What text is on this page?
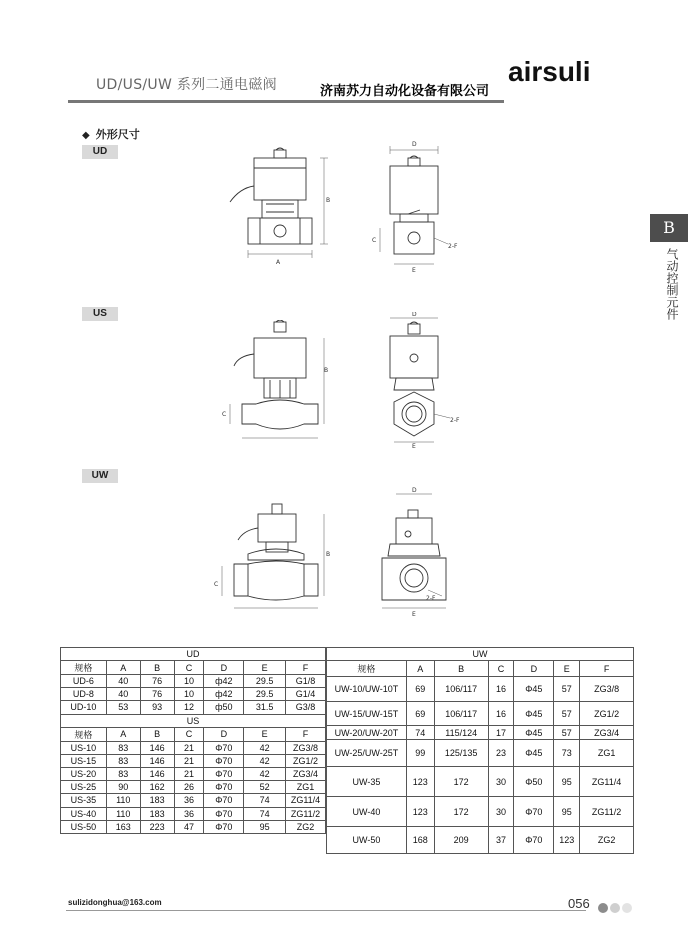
UD/US/UW 系列二通电磁阀	济南苏力自动化设备有限公司
airsuli
◆ 外形尺寸
UD
US
UW
B
气动控制元件
A
B
D
E
C
2-F
B
C
D
E
2-F
B
C
D
E
2-F
UD						
规格	A	B	C	D	E	F
UD-6	40	76	10	ф42	29.5	G1/8
UD-8	40	76	10	ф42	29.5	G1/4
UD-10	53	93	12	ф50	31.5	G3/8
US						
规格	A	B	C	D	E	F
US-10	83	146	21	Φ70	42	ZG3/8
US-15	83	146	21	Φ70	42	ZG1/2
US-20	83	146	21	Φ70	42	ZG3/4
US-25	90	162	26	Φ70	52	ZG1
US-35	110	183	36	Φ70	74	ZG11/4
US-40	110	183	36	Φ70	74	ZG11/2
US-50	163	223	47	Φ70	95	ZG2
UW						
规格	A	B	C	D	E	F
UW-10/UW-10T	69	106/117	16	Φ45	57	ZG3/8
UW-15/UW-15T	69	106/117	16	Φ45	57	ZG1/2
UW-20/UW-20T	74	115/124	17	Φ45	57	ZG3/4
UW-25/UW-25T	99	125/135	23	Φ45	73	ZG1
UW-35	123	172	30	Φ50	95	ZG11/4
UW-40	123	172	30	Φ70	95	ZG11/2
UW-50	168	209	37	Φ70	123	ZG2
sulizidonghua@163.com	056
